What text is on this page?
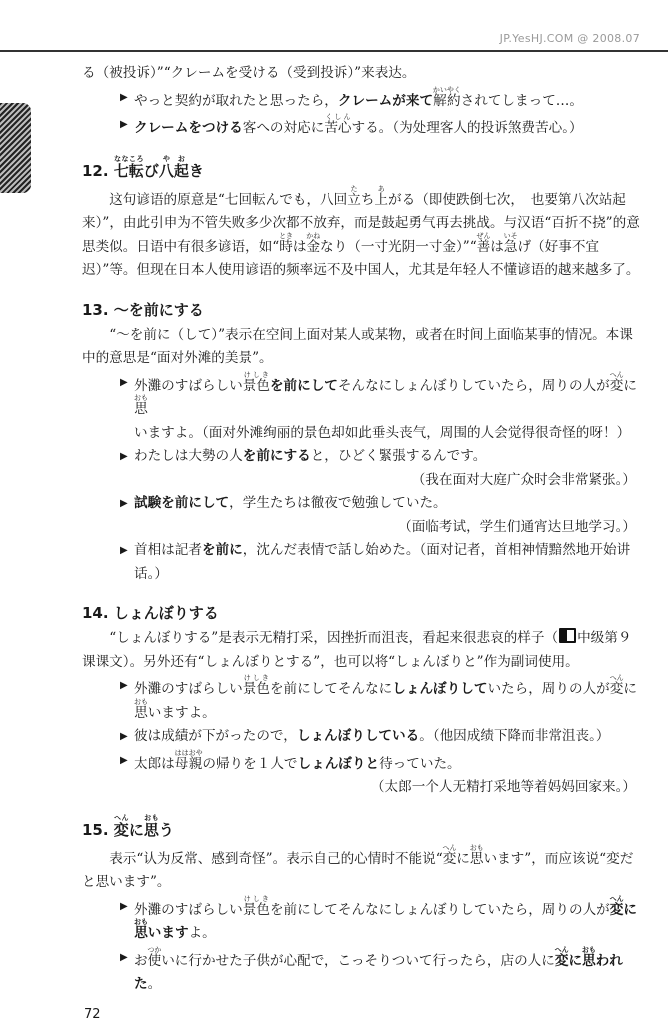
JP.YesHJ.COM @ 2008.07
る（被投诉）”“クレームを受ける（受到投诉）”来表达。
▶ やっと契約が取れたと思ったら，クレームが来て解約かいやくされてしまって…。
▶ クレームをつける客への対応に苦心くしんする。（为处理客人的投诉煞费苦心。）
12. 七転ななころび八起やおき
这句谚语的原意是“七回転んでも，八回立たち上あがる（即使跌倒七次，　也要第八次站起来）”，由此引申为不管失败多少次都不放弃，而是鼓起勇气再去挑战。与汉语“百折不挠”的意思类似。日语中有很多谚语，如“時ときは金かねなり（一寸光阴一寸金）”“善ぜんは急いそげ（好事不宜迟）”等。但现在日本人使用谚语的频率远不及中国人，尤其是年轻人不懂谚语的越来越多了。
13. ～を前にする
“～を前に（して）”表示在空间上面对某人或某物，或者在时间上面临某事的情况。本课中的意思是“面对外滩的美景”。
▶ 外灘のすばらしい景色けしきを前にしてそんなにしょんぼりしていたら，周りの人が変へんに思おもいますよ。（面对外滩绚丽的景色却如此垂头丧气，周围的人会觉得很奇怪的呀！）
▶ わたしは大勢の人を前にすると，ひどく緊張するんです。
（我在面对大庭广众时会非常紧张。）
▶ 試験を前にして，学生たちは徹夜で勉強していた。
（面临考试，学生们通宵达旦地学习。）
▶ 首相は記者を前に，沈んだ表情で話し始めた。（面对记者，首相神情黯然地开始讲话。）
14. しょんぼりする
“しょんぼりする”是表示无精打采，因挫折而沮丧，看起来很悲哀的样子（ 中级第９课课文）。另外还有“しょんぼりとする”，也可以将“しょんぼりと”作为副词使用。
▶ 外灘のすばらしい景色けしきを前にしてそんなにしょんぼりしていたら，周りの人が変へんに思おもいますよ。
▶ 彼は成績が下がったので，しょんぼりしている。（他因成绩下降而非常沮丧。）
▶ 太郎は母親ははおやの帰りを１人でしょんぼりと待っていた。
（太郎一个人无精打采地等着妈妈回家来。）
15. 変へんに思おもう
表示“认为反常、感到奇怪”。表示自己的心情时不能说“変へんに思おもいます”，而应该说“変だと思います”。
▶ 外灘のすばらしい景色けしきを前にしてそんなにしょんぼりしていたら，周りの人が変へんに思おもいますよ。
▶ お使つかいに行かせた子供が心配で，こっそりついて行ったら，店の人に変へんに思おもわれた。
72
